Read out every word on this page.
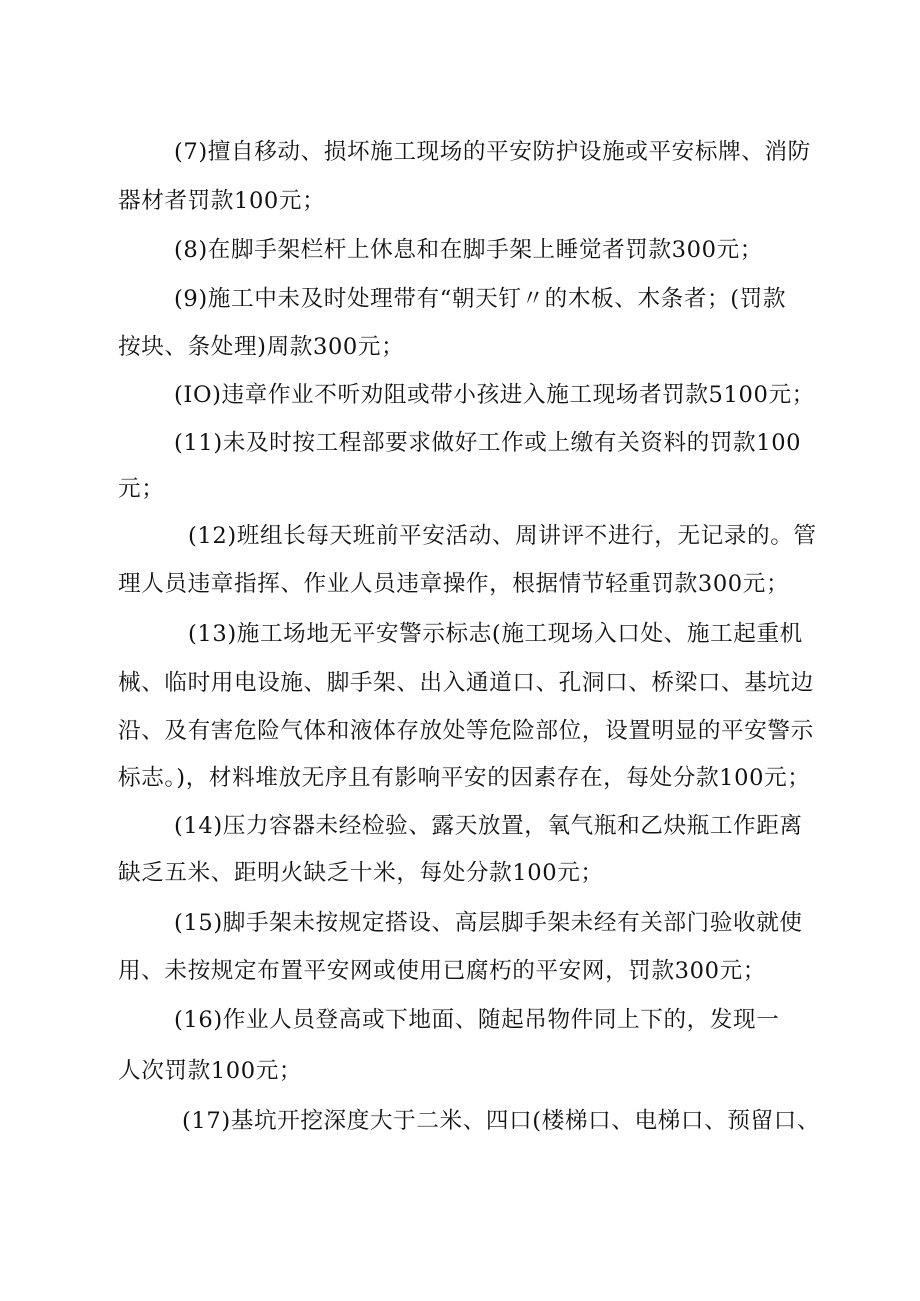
(7)擅自移动、损坏施工现场的平安防护设施或平安标牌、消防
器材者罚款100元；
(8)在脚手架栏杆上休息和在脚手架上睡觉者罚款300元；
(9)施工中未及时处理带有“朝天钉〃的木板、木条者；(罚款
按块、条处理)周款300元；
(IO)违章作业不听劝阻或带小孩进入施工现场者罚款5100元；
(11)未及时按工程部要求做好工作或上缴有关资料的罚款100
元；
(12)班组长每天班前平安活动、周讲评不进行，无记录的。管
理人员违章指挥、作业人员违章操作，根据情节轻重罚款300元；
(13)施工场地无平安警示标志(施工现场入口处、施工起重机
械、临时用电设施、脚手架、出入通道口、孔洞口、桥梁口、基坑边
沿、及有害危险气体和液体存放处等危险部位，设置明显的平安警示
标志。)，材料堆放无序且有影响平安的因素存在，每处分款100元；
(14)压力容器未经检验、露天放置，氧气瓶和乙炔瓶工作距离
缺乏五米、距明火缺乏十米，每处分款100元；
(15)脚手架未按规定搭设、高层脚手架未经有关部门验收就使
用、未按规定布置平安网或使用已腐朽的平安网，罚款300元；
(16)作业人员登高或下地面、随起吊物件同上下的，发现一
人次罚款100元；
(17)基坑开挖深度大于二米、四口(楼梯口、电梯口、预留口、
